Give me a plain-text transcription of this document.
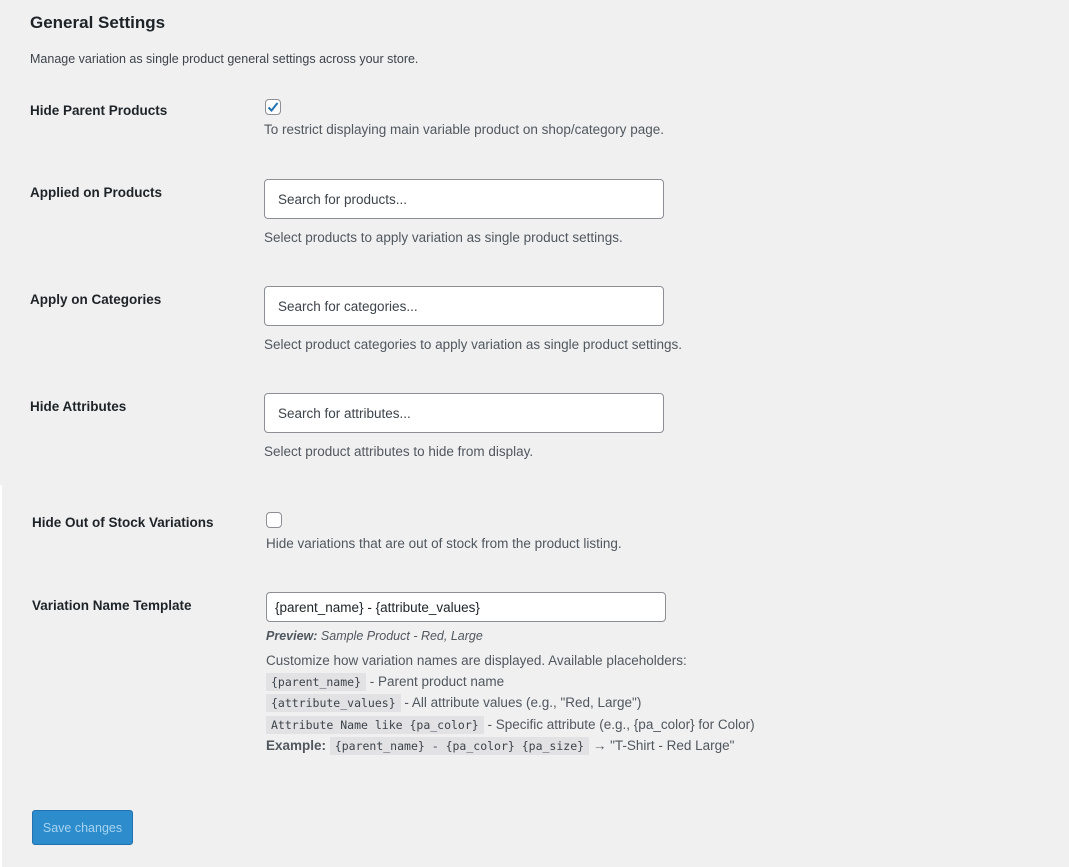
General Settings
Manage variation as single product general settings across your store.
Hide Parent Products
To restrict displaying main variable product on shop/category page.
Applied on Products
Search for products...
Select products to apply variation as single product settings.
Apply on Categories
Search for categories...
Select product categories to apply variation as single product settings.
Hide Attributes
Search for attributes...
Select product attributes to hide from display.
Hide Out of Stock Variations
Hide variations that are out of stock from the product listing.
Variation Name Template
{parent_name} - {attribute_values}
Preview: Sample Product - Red, Large
Customize how variation names are displayed. Available placeholders:
{parent_name} - Parent product name
{attribute_values} - All attribute values (e.g., "Red, Large")
Attribute Name like {pa_color} - Specific attribute (e.g., {pa_color} for Color)
Example: {parent_name} - {pa_color} {pa_size} → "T-Shirt - Red Large"
Save changes
